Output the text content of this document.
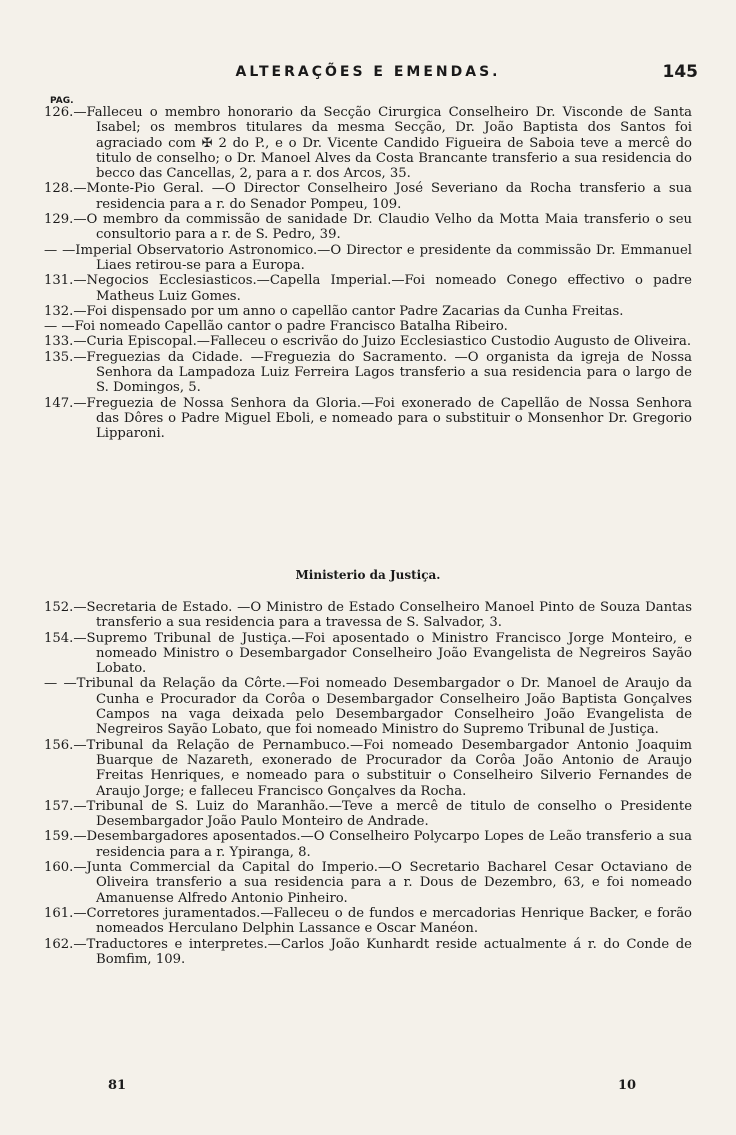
ALTERAÇÕES E EMENDAS.	145
PAG.
126.—Falleceu o membro honorario da Secção Cirurgica Conselheiro Dr. Visconde de Santa Isabel; os membros titulares da mesma Secção, Dr. João Baptista dos Santos foi agraciado com ✠ 2 do P., e o Dr. Vicente Candido Figueira de Saboia teve a mercê do titulo de conselho; o Dr. Manoel Alves da Costa Brancante transferio a sua residencia do becco das Cancellas, 2, para a r. dos Arcos, 35.
128.—Monte-Pio Geral. —O Director Conselheiro José Severiano da Rocha transferio a sua residencia para a r. do Senador Pompeu, 109.
129.—O membro da commissão de sanidade Dr. Claudio Velho da Motta Maia transferio o seu consultorio para a r. de S. Pedro, 39.
— —Imperial Observatorio Astronomico.—O Director e presidente da commissão Dr. Emmanuel Liaes retirou-se para a Europa.
131.—Negocios Ecclesiasticos.—Capella Imperial.—Foi nomeado Conego effectivo o padre Matheus Luiz Gomes.
132.—Foi dispensado por um anno o capellão cantor Padre Zacarias da Cunha Freitas.
— —Foi nomeado Capellão cantor o padre Francisco Batalha Ribeiro.
133.—Curia Episcopal.—Falleceu o escrivão do Juizo Ecclesiastico Custodio Augusto de Oliveira.
135.—Freguezias da Cidade. —Freguezia do Sacramento. —O organista da igreja de Nossa Senhora da Lampadoza Luiz Ferreira Lagos transferio a sua residencia para o largo de S. Domingos, 5.
147.—Freguezia de Nossa Senhora da Gloria.—Foi exonerado de Capellão de Nossa Senhora das Dôres o Padre Miguel Eboli, e nomeado para o substituir o Monsenhor Dr. Gregorio Lipparoni.
Ministerio da Justiça.
152.—Secretaria de Estado. —O Ministro de Estado Conselheiro Manoel Pinto de Souza Dantas transferio a sua residencia para a travessa de S. Salvador, 3.
154.—Supremo Tribunal de Justiça.—Foi aposentado o Ministro Francisco Jorge Monteiro, e nomeado Ministro o Desembargador Conselheiro João Evangelista de Negreiros Sayão Lobato.
— —Tribunal da Relação da Côrte.—Foi nomeado Desembargador o Dr. Manoel de Araujo da Cunha e Procurador da Corôa o Desembargador Conselheiro João Baptista Gonçalves Campos na vaga deixada pelo Desembargador Conselheiro João Evangelista de Negreiros Sayão Lobato, que foi nomeado Ministro do Supremo Tribunal de Justiça.
156.—Tribunal da Relação de Pernambuco.—Foi nomeado Desembargador Antonio Joaquim Buarque de Nazareth, exonerado de Procurador da Corôa João Antonio de Araujo Freitas Henriques, e nomeado para o substituir o Conselheiro Silverio Fernandes de Araujo Jorge; e falleceu Francisco Gonçalves da Rocha.
157.—Tribunal de S. Luiz do Maranhão.—Teve a mercê de titulo de conselho o Presidente Desembargador João Paulo Monteiro de Andrade.
159.—Desembargadores aposentados.—O Conselheiro Polycarpo Lopes de Leão transferio a sua residencia para a r. Ypiranga, 8.
160.—Junta Commercial da Capital do Imperio.—O Secretario Bacharel Cesar Octaviano de Oliveira transferio a sua residencia para a r. Dous de Dezembro, 63, e foi nomeado Amanuense Alfredo Antonio Pinheiro.
161.—Corretores juramentados.—Falleceu o de fundos e mercadorias Henrique Backer, e forão nomeados Herculano Delphin Lassance e Oscar Manéon.
162.—Traductores e interpretes.—Carlos João Kunhardt reside actualmente á r. do Conde de Bomfim, 109.
81	10
